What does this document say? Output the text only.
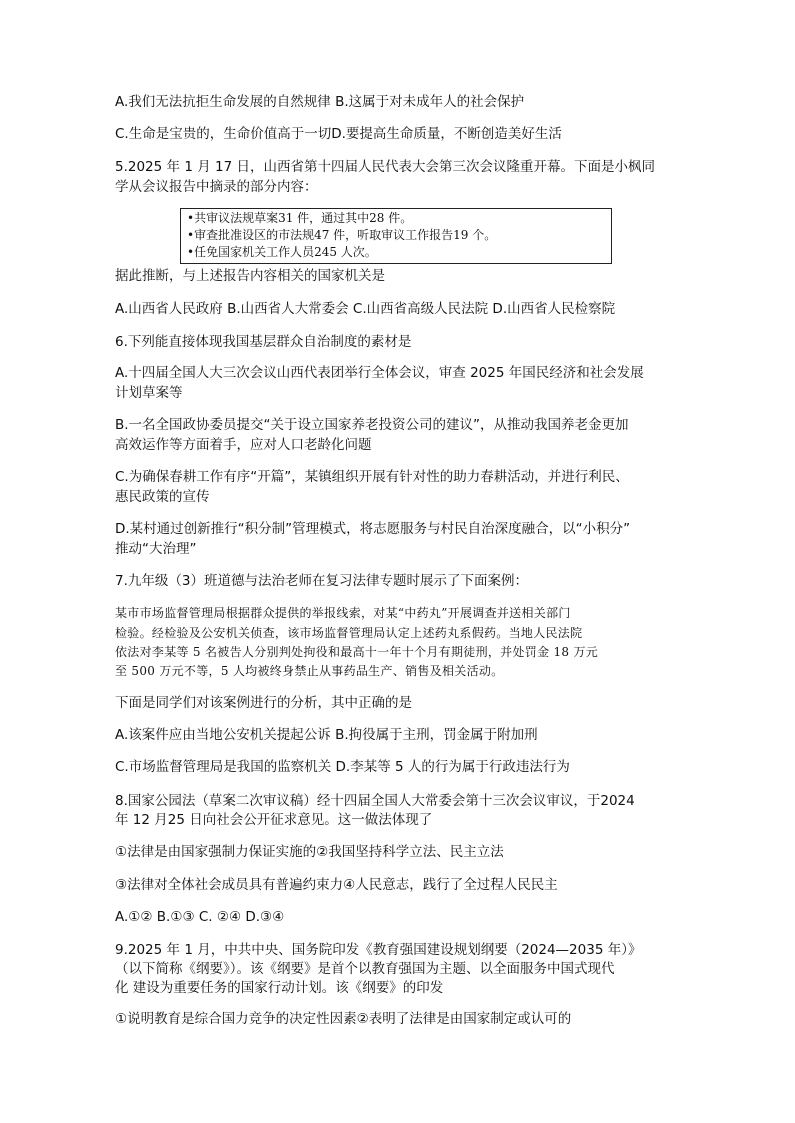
A.我们无法抗拒生命发展的自然规律 B.这属于对未成年人的社会保护
C.生命是宝贵的，生命价值高于一切D.要提高生命质量，不断创造美好生活
5.2025 年 1 月 17 日，山西省第十四届人民代表大会第三次会议隆重开幕。下面是小枫同
学从会议报告中摘录的部分内容：
•共审议法规草案31 件，通过其中28 件。
•审查批准设区的市法规47 件，听取审议工作报告19 个。
•任免国家机关工作人员245 人次。
据此推断，与上述报告内容相关的国家机关是
A.山西省人民政府 B.山西省人大常委会 C.山西省高级人民法院 D.山西省人民检察院
6.下列能直接体现我国基层群众自治制度的素材是
A.十四届全国人大三次会议山西代表团举行全体会议，审查 2025 年国民经济和社会发展
计划草案等
B.一名全国政协委员提交“关于设立国家养老投资公司的建议”，从推动我国养老金更加
高效运作等方面着手，应对人口老龄化问题
C.为确保春耕工作有序“开篇”，某镇组织开展有针对性的助力春耕活动，并进行利民、
惠民政策的宣传
D.某村通过创新推行“积分制”管理模式，将志愿服务与村民自治深度融合，以“小积分”
推动“大治理”
7.九年级（3）班道德与法治老师在复习法律专题时展示了下面案例：
某市市场监督管理局根据群众提供的举报线索，对某“中药丸”开展调查并送相关部门
检验。经检验及公安机关侦查，该市场监督管理局认定上述药丸系假药。当地人民法院
依法对李某等 5 名被告人分别判处拘役和最高十一年十个月有期徒刑，并处罚金 18 万元
至 500 万元不等，5 人均被终身禁止从事药品生产、销售及相关活动。
下面是同学们对该案例进行的分析，其中正确的是
A.该案件应由当地公安机关提起公诉 B.拘役属于主刑，罚金属于附加刑
C.市场监督管理局是我国的监察机关 D.李某等 5 人的行为属于行政违法行为
8.国家公园法（草案二次审议稿）经十四届全国人大常委会第十三次会议审议，于2024
年 12 月25 日向社会公开征求意见。这一做法体现了
①法律是由国家强制力保证实施的②我国坚持科学立法、民主立法
③法律对全体社会成员具有普遍约束力④人民意志，践行了全过程人民民主
A.①② B.①③ C. ②④ D.③④
9.2025 年 1 月，中共中央、国务院印发《教育强国建设规划纲要（2024—2035 年）》
（以下简称《纲要》）。该《纲要》是首个以教育强国为主题、以全面服务中国式现代
化 建设为重要任务的国家行动计划。该《纲要》的印发
①说明教育是综合国力竞争的决定性因素②表明了法律是由国家制定或认可的
